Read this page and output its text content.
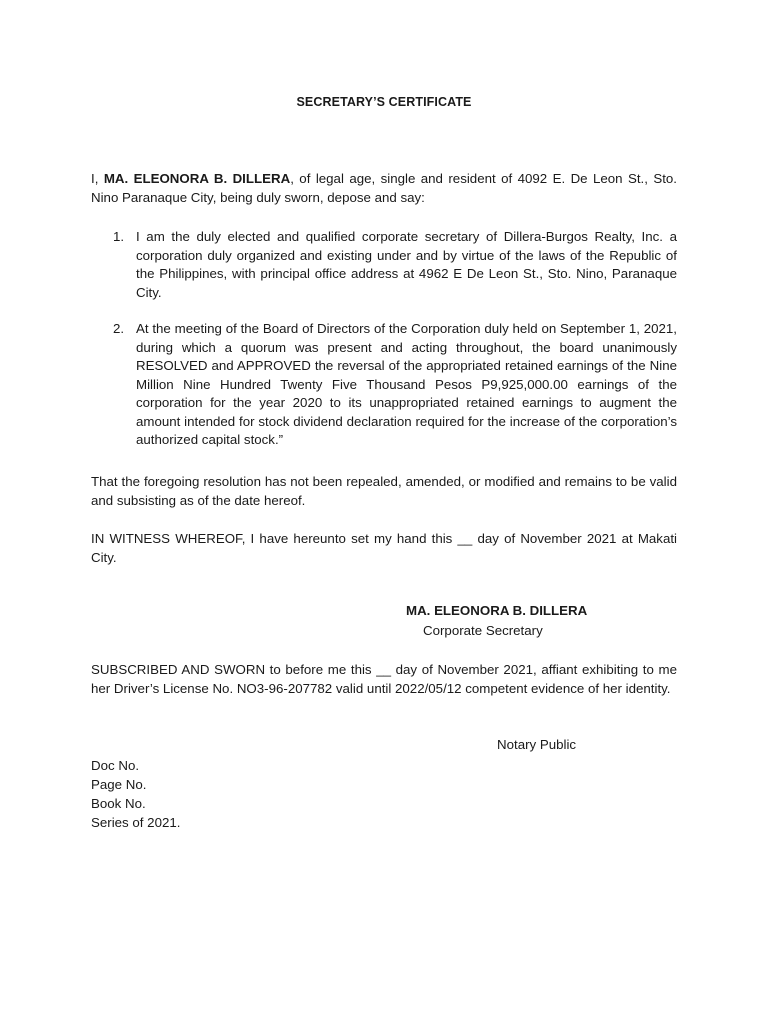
SECRETARY’S CERTIFICATE
I, MA. ELEONORA B. DILLERA, of legal age, single and resident of 4092 E. De Leon St., Sto. Nino Paranaque City, being duly sworn, depose and say:
1. I am the duly elected and qualified corporate secretary of Dillera-Burgos Realty, Inc. a corporation duly organized and existing under and by virtue of the laws of the Republic of the Philippines, with principal office address at 4962 E De Leon St., Sto. Nino, Paranaque City.
2. At the meeting of the Board of Directors of the Corporation duly held on September 1, 2021, during which a quorum was present and acting throughout, the board unanimously RESOLVED and APPROVED the reversal of the appropriated retained earnings of the Nine Million Nine Hundred Twenty Five Thousand Pesos P9,925,000.00 earnings of the corporation for the year 2020 to its unappropriated retained earnings to augment the amount intended for stock dividend declaration required for the increase of the corporation’s authorized capital stock.”
That the foregoing resolution has not been repealed, amended, or modified and remains to be valid and subsisting as of the date hereof.
IN WITNESS WHEREOF, I have hereunto set my hand this __ day of November 2021 at Makati City.
MA. ELEONORA B. DILLERA
Corporate Secretary
SUBSCRIBED AND SWORN to before me this __ day of November 2021, affiant exhibiting to me her Driver’s License No. NO3-96-207782 valid until 2022/05/12 competent evidence of her identity.
Notary Public
Doc No.
Page No.
Book No.
Series of 2021.
